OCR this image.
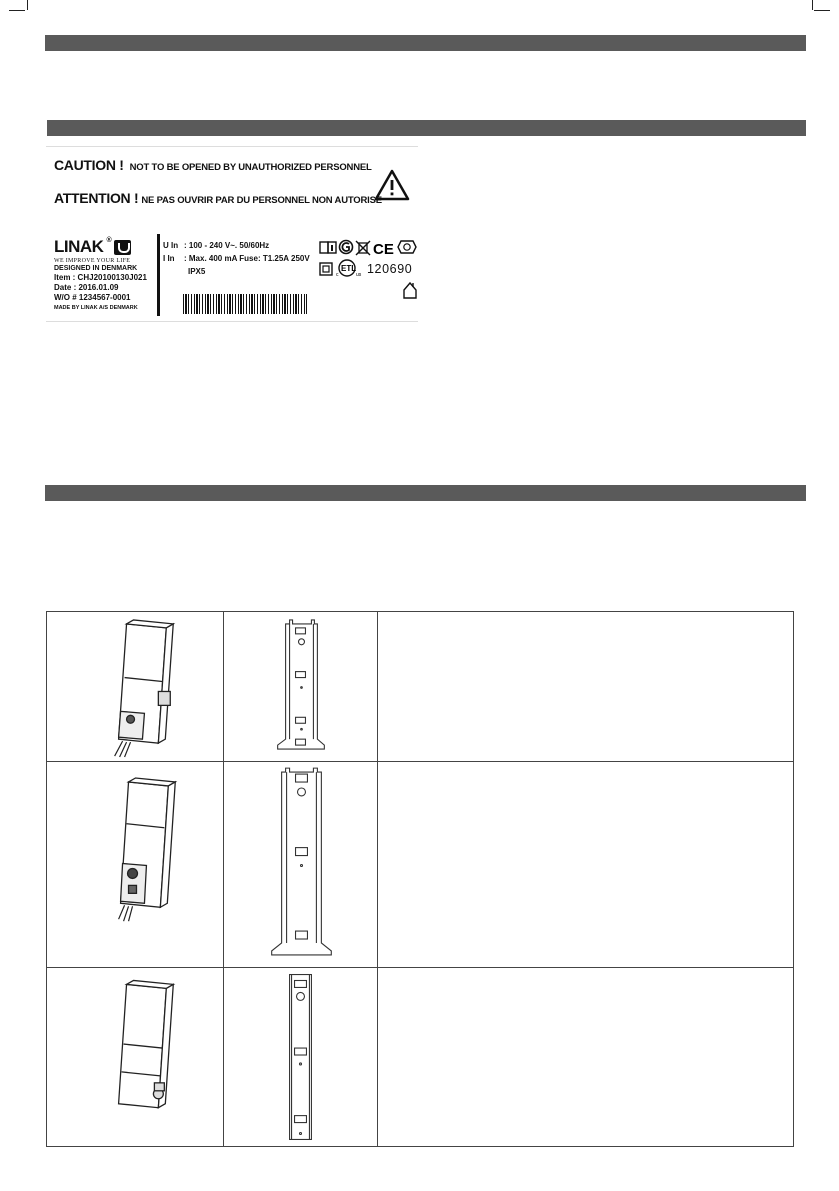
CAUTION ! NOT TO BE OPENED BY UNAUTHORIZED PERSONNEL
ATTENTION ! NE PAS OUVRIR PAR DU PERSONNEL NON AUTORISE
LINAK ®
WE IMPROVE YOUR LIFE
DESIGNED IN DENMARK
Item : CHJ20100130J021
Date : 2016.01.09
W/O # 1234567-0001
MADE BY LINAK A/S DENMARK
U In : 100 - 240 V~. 50/60Hz
I In : Max. 400 mA Fuse: T1.25A 250V
IPX5
CE
c
ETL
us 120690
